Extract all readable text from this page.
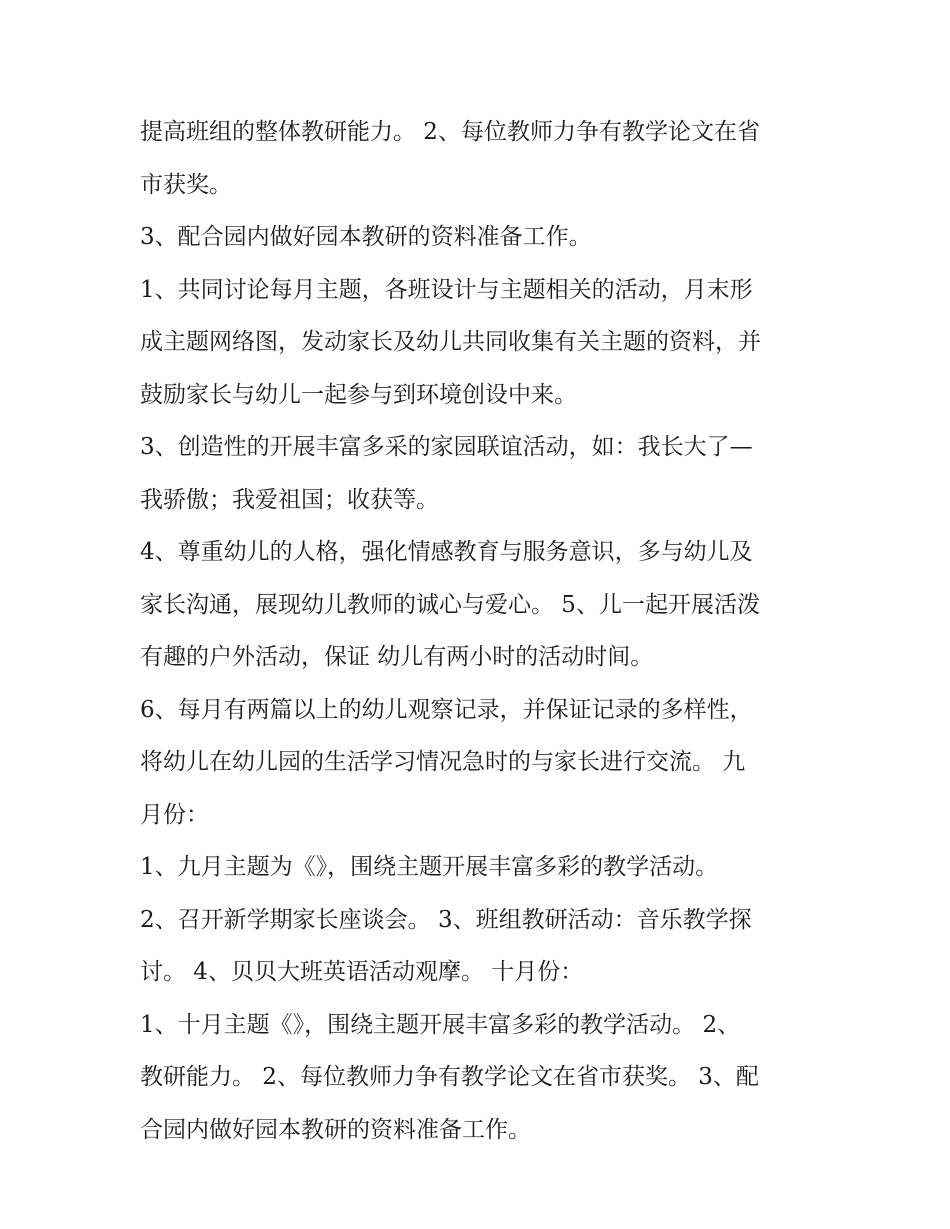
提高班组的整体教研能力。 2、每位教师力争有教学论文在省
市获奖。
3、配合园内做好园本教研的资料准备工作。
1、共同讨论每月主题，各班设计与主题相关的活动，月末形
成主题网络图，发动家长及幼儿共同收集有关主题的资料，并
鼓励家长与幼儿一起参与到环境创设中来。
3、创造性的开展丰富多采的家园联谊活动，如：我长大了—
我骄傲；我爱祖国；收获等。
4、尊重幼儿的人格，强化情感教育与服务意识，多与幼儿及
家长沟通，展现幼儿教师的诚心与爱心。 5、儿一起开展活泼
有趣的户外活动，保证 幼儿有两小时的活动时间。
6、每月有两篇以上的幼儿观察记录，并保证记录的多样性，
将幼儿在幼儿园的生活学习情况急时的与家长进行交流。 九
月份：
1、九月主题为《》，围绕主题开展丰富多彩的教学活动。
2、召开新学期家长座谈会。 3、班组教研活动：音乐教学探
讨。 4、贝贝大班英语活动观摩。 十月份：
1、十月主题《》，围绕主题开展丰富多彩的教学活动。 2、
教研能力。 2、每位教师力争有教学论文在省市获奖。 3、配
合园内做好园本教研的资料准备工作。
